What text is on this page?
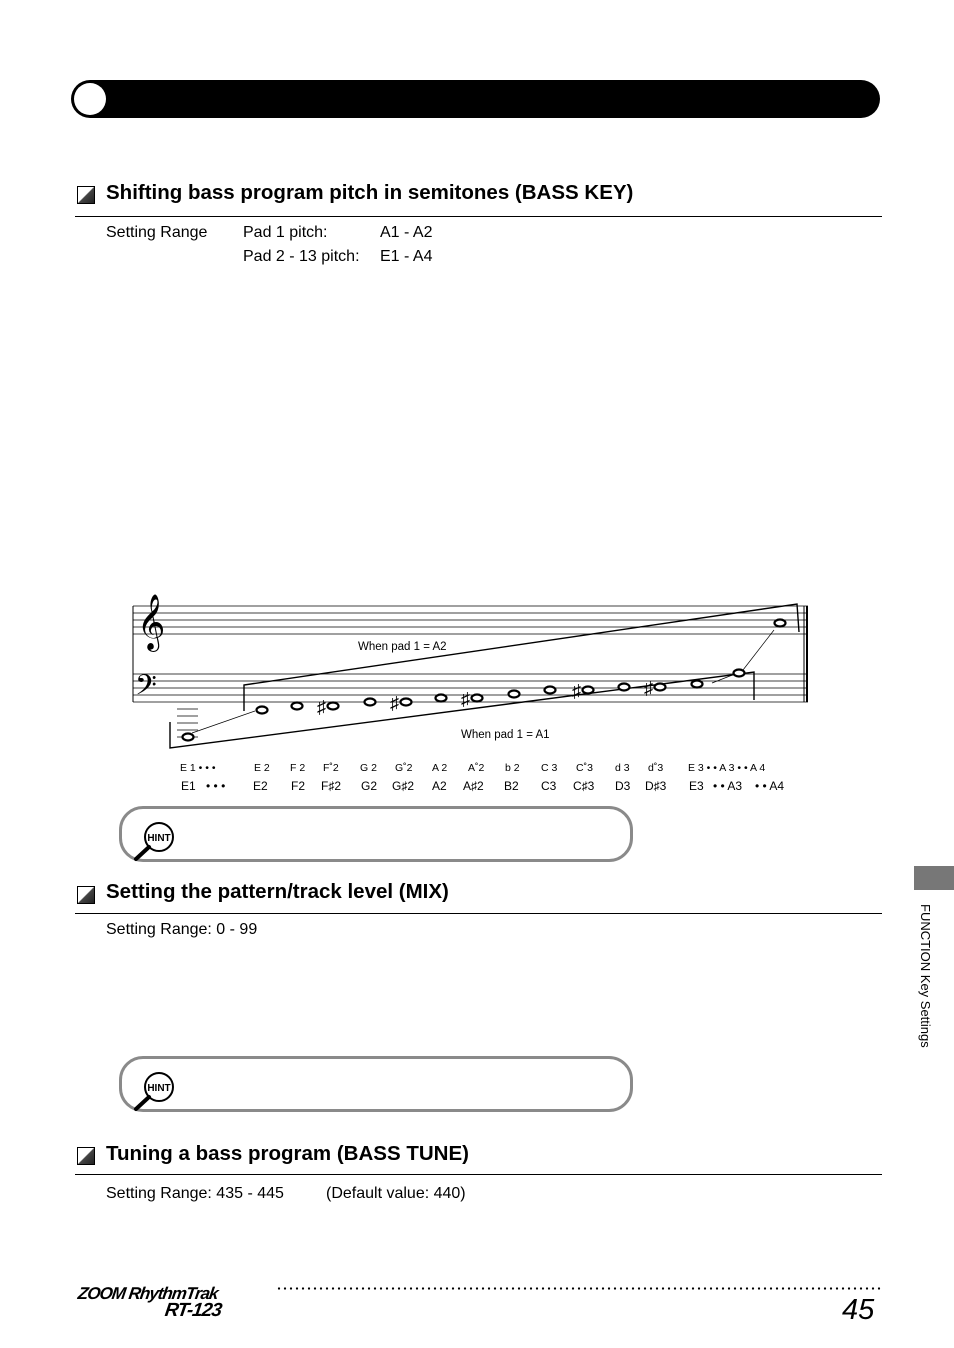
Shifting bass program pitch in semitones (BASS KEY)
Setting Range Pad 1 pitch:	A1 - A2
Pad 2 - 13 pitch: E1 - A4
𝄞
𝄢
When pad 1 = A2
When pad 1 = A1
♯	♯	♯	♯	♯
E 1 • • •	E 2 F 2 F˚2 G 2 G˚2 A 2 A˚2 b 2 C 3 C˚3 d 3 d˚3 E 3 • • A 3 • • A 4
E1 • • • E2 F2 F♯2 G2 G♯2 A2 A♯2 B2 C3 C♯3 D3 D♯3 E3 • • A3 • • A4
HINT
Setting the pattern/track level (MIX)
Setting Range: 0 - 99
HINT
Tuning a bass program (BASS TUNE)
Setting Range: 435 - 445	(Default value: 440)
FUNCTION Key Settings
ZOOM RhythmTrak
RT-123	45
